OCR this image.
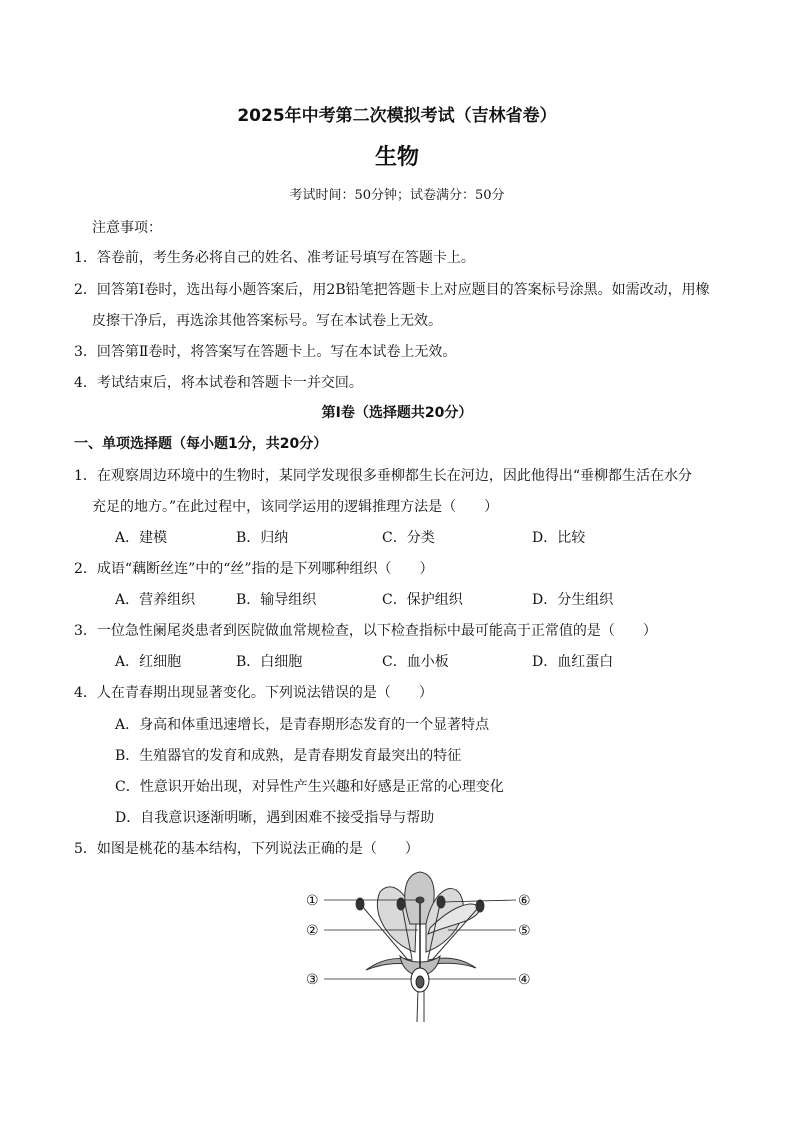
2025年中考第二次模拟考试（吉林省卷）
生物
考试时间：50分钟；试卷满分：50分
注意事项：
1．答卷前，考生务必将自己的姓名、准考证号填写在答题卡上。
2．回答第Ⅰ卷时，选出每小题答案后，用2B铅笔把答题卡上对应题目的答案标号涂黑。如需改动，用橡
皮擦干净后，再选涂其他答案标号。写在本试卷上无效。
3．回答第Ⅱ卷时，将答案写在答题卡上。写在本试卷上无效。
4．考试结束后，将本试卷和答题卡一并交回。
第Ⅰ卷（选择题共20分）
一、单项选择题（每小题1分，共20分）
1．在观察周边环境中的生物时，某同学发现很多垂柳都生长在河边，因此他得出“垂柳都生活在水分
充足的地方。”在此过程中，该同学运用的逻辑推理方法是（　　）
A．建模	B．归纳	C．分类	D．比较
2．成语“藕断丝连”中的“丝”指的是下列哪种组织（　　）
A．营养组织	B．输导组织	C．保护组织	D．分生组织
3．一位急性阑尾炎患者到医院做血常规检查，以下检查指标中最可能高于正常值的是（　　）
A．红细胞	B．白细胞	C．血小板	D．血红蛋白
4．人在青春期出现显著变化。下列说法错误的是（　　）
A．身高和体重迅速增长，是青春期形态发育的一个显著特点
B．生殖器官的发育和成熟，是青春期发育最突出的特征
C．性意识开始出现，对异性产生兴趣和好感是正常的心理变化
D．自我意识逐渐明晰，遇到困难不接受指导与帮助
5．如图是桃花的基本结构，下列说法正确的是（　　）
①
②
③	④
⑤
⑥
